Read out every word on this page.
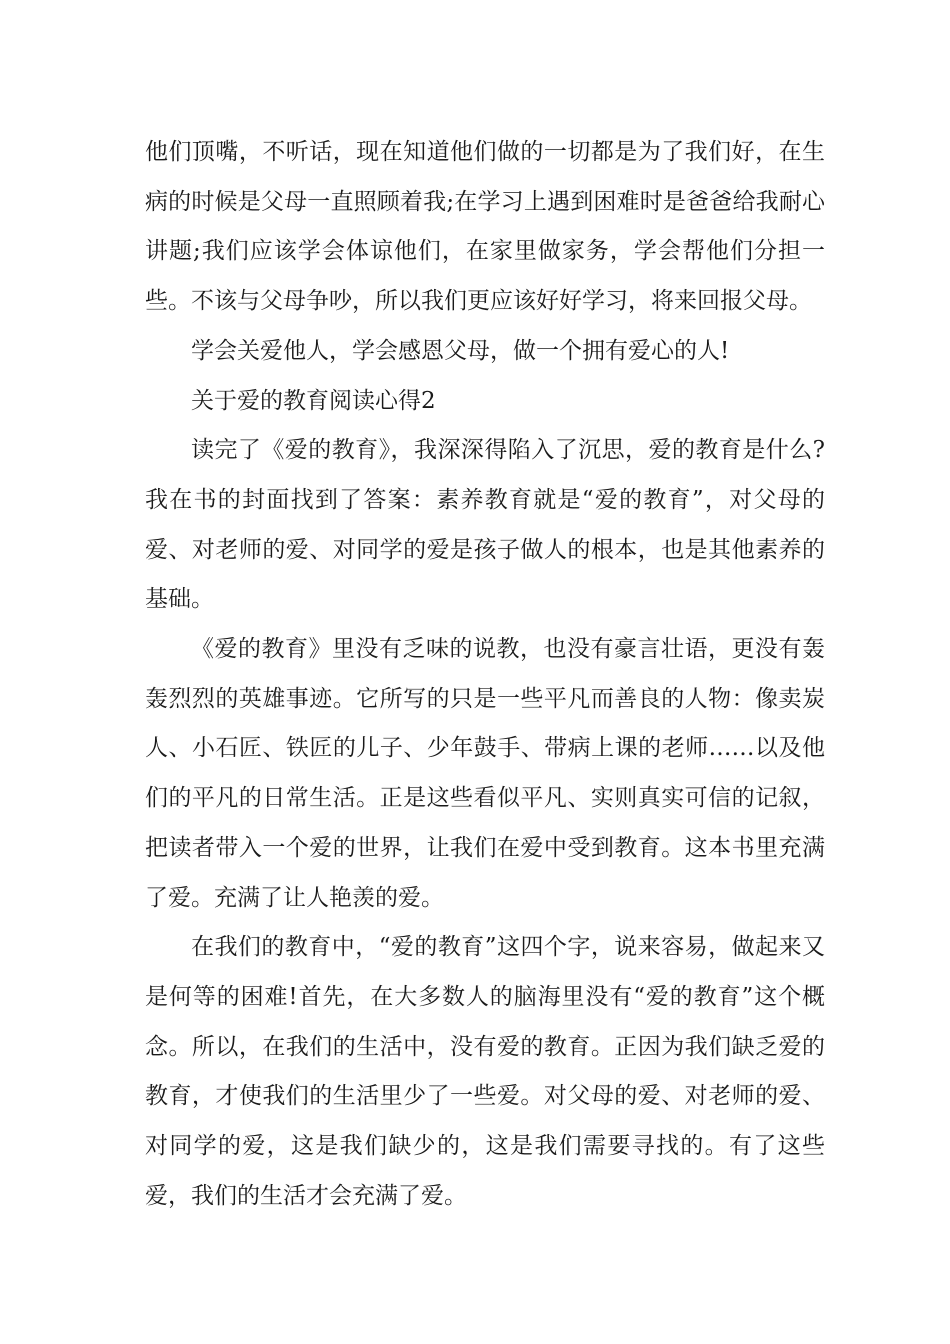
他们顶嘴，不听话，现在知道他们做的一切都是为了我们好，在生病的时候是父母一直照顾着我;在学习上遇到困难时是爸爸给我耐心讲题;我们应该学会体谅他们，在家里做家务，学会帮他们分担一些。不该与父母争吵，所以我们更应该好好学习，将来回报父母。

学会关爱他人，学会感恩父母，做一个拥有爱心的人!

关于爱的教育阅读心得2

读完了《爱的教育》，我深深得陷入了沉思，爱的教育是什么?我在书的封面找到了答案：素养教育就是“爱的教育”，对父母的爱、对老师的爱、对同学的爱是孩子做人的根本，也是其他素养的基础。

《爱的教育》里没有乏味的说教，也没有豪言壮语，更没有轰轰烈烈的英雄事迹。它所写的只是一些平凡而善良的人物：像卖炭人、小石匠、铁匠的儿子、少年鼓手、带病上课的老师……以及他们的平凡的日常生活。正是这些看似平凡、实则真实可信的记叙，把读者带入一个爱的世界，让我们在爱中受到教育。这本书里充满了爱。充满了让人艳羡的爱。

在我们的教育中，“爱的教育”这四个字，说来容易，做起来又是何等的困难!首先，在大多数人的脑海里没有“爱的教育”这个概念。所以，在我们的生活中，没有爱的教育。正因为我们缺乏爱的教育，才使我们的生活里少了一些爱。对父母的爱、对老师的爱、对同学的爱，这是我们缺少的，这是我们需要寻找的。有了这些爱，我们的生活才会充满了爱。
